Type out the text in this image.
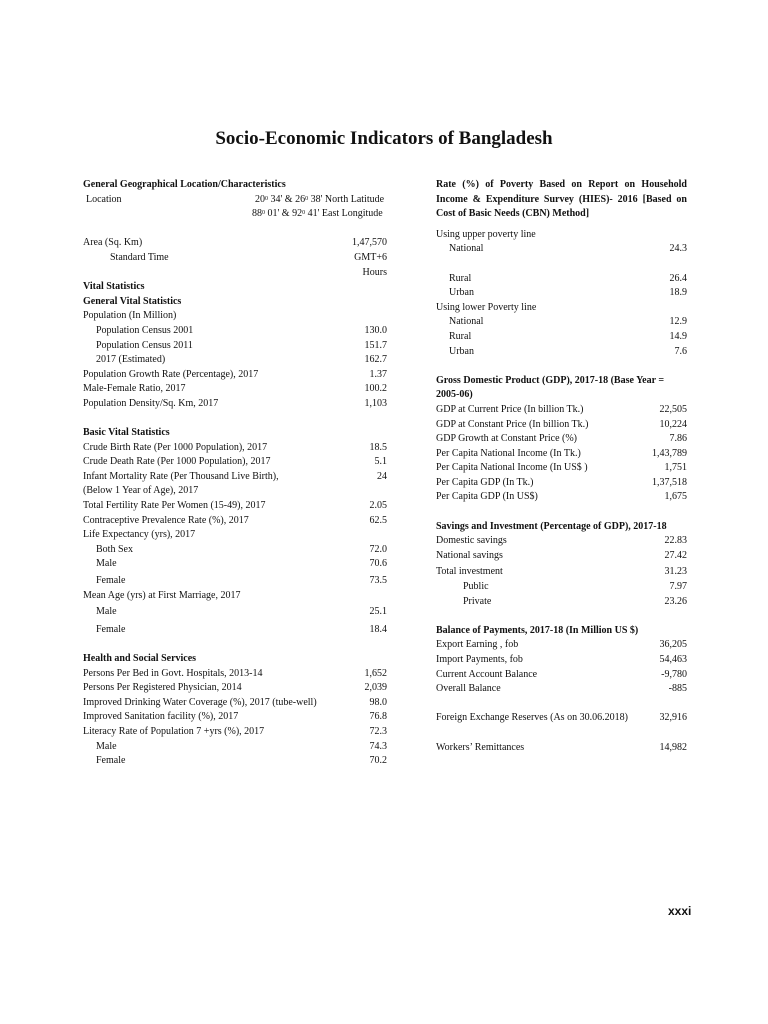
Socio-Economic Indicators of Bangladesh
General Geographical Location/Characteristics
Location	$20^0$ 34' & $26^0$ 38' North Latitude
$88^0$ 01' & $92^0$ 41' East Longitude
Area (Sq. Km)	1,47,570
Standard Time	GMT+6
Hours
Vital Statistics
General Vital Statistics
Population (In Million)
Population Census 2001	130.0
Population Census 2011	151.7
2017 (Estimated)	162.7
Population Growth Rate (Percentage), 2017	1.37
Male-Female Ratio, 2017	100.2
Population Density/Sq. Km, 2017	1,103
Basic Vital Statistics
Crude Birth Rate (Per 1000 Population), 2017	18.5
Crude Death Rate (Per 1000 Population), 2017	5.1
Infant Mortality Rate (Per Thousand Live Birth),	24
(Below 1 Year of Age), 2017
Total Fertility Rate Per Women (15-49), 2017	2.05
Contraceptive Prevalence Rate (%), 2017	62.5
Life Expectancy (yrs), 2017
Both Sex	72.0
Male	70.6
Female	73.5
Mean Age (yrs) at First Marriage, 2017
Male	25.1
Female	18.4
Health and Social Services
Persons Per Bed in Govt. Hospitals, 2013-14	1,652
Persons Per Registered Physician, 2014	2,039
Improved Drinking Water Coverage (%), 2017 (tube-well)	98.0
Improved Sanitation facility (%), 2017	76.8
Literacy Rate of Population 7 +yrs (%), 2017	72.3
Male	74.3
Female	70.2
Rate (%) of Poverty Based on Report on Household Income & Expenditure Survey (HIES)- 2016 [Based on Cost of Basic Needs (CBN) Method]
Using upper poverty line
National	24.3
Rural	26.4
Urban	18.9
Using lower Poverty line
National	12.9
Rural	14.9
Urban	7.6
Gross Domestic Product (GDP), 2017-18 (Base Year = 2005-06)
GDP at Current Price (In billion Tk.)	22,505
GDP at Constant Price (In billion Tk.)	10,224
GDP Growth at Constant Price (%)	7.86
Per Capita National Income (In Tk.)	1,43,789
Per Capita National Income (In US$ )	1,751
Per Capita GDP (In Tk.)	1,37,518
Per Capita GDP (In US$)	1,675
Savings and Investment (Percentage of GDP), 2017-18
Domestic savings	22.83
National savings	27.42
Total investment	31.23
Public	7.97
Private	23.26
Balance of Payments, 2017-18 (In Million US $)
Export Earning , fob	36,205
Import Payments, fob	54,463
Current Account Balance	-9,780
Overall Balance	-885
Foreign Exchange Reserves (As on 30.06.2018)	32,916
Workers’ Remittances	14,982
xxxi
